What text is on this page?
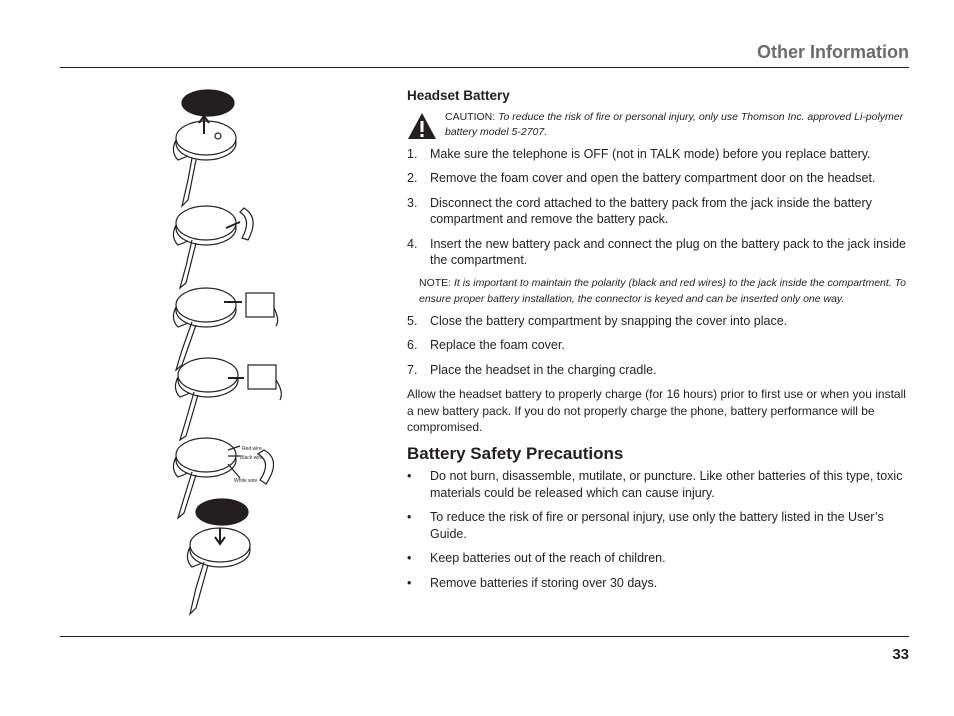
Other Information
Red wire
Black wire
White wire
Headset Battery
CAUTION: To reduce the risk of fire or personal injury, only use Thomson Inc. approved Li-polymer battery model 5-2707.
1. Make sure the telephone is OFF (not in TALK mode) before you replace battery.
2. Remove the foam cover and open the battery compartment door on the headset.
3. Disconnect the cord attached to the battery pack from the jack inside the battery compartment and remove the battery pack.
4. Insert the new battery pack and connect the plug on the battery pack to the jack inside the compartment.
NOTE: It is important to maintain the polarity (black and red wires) to the jack inside the compartment. To ensure proper battery installation, the connector is keyed and can be inserted only one way.
5. Close the battery compartment by snapping the cover into place.
6. Replace the foam cover.
7. Place the headset in the charging cradle.

Allow the headset battery to properly charge (for 16 hours) prior to first use or when you install a new battery pack. If you do not properly charge the phone, battery performance will be compromised.

Battery Safety Precautions
• Do not burn, disassemble, mutilate, or puncture. Like other batteries of this type, toxic materials could be released which can cause injury.
• To reduce the risk of fire or personal injury, use only the battery listed in the User’s Guide.
• Keep batteries out of the reach of children.
• Remove batteries if storing over 30 days.
33
